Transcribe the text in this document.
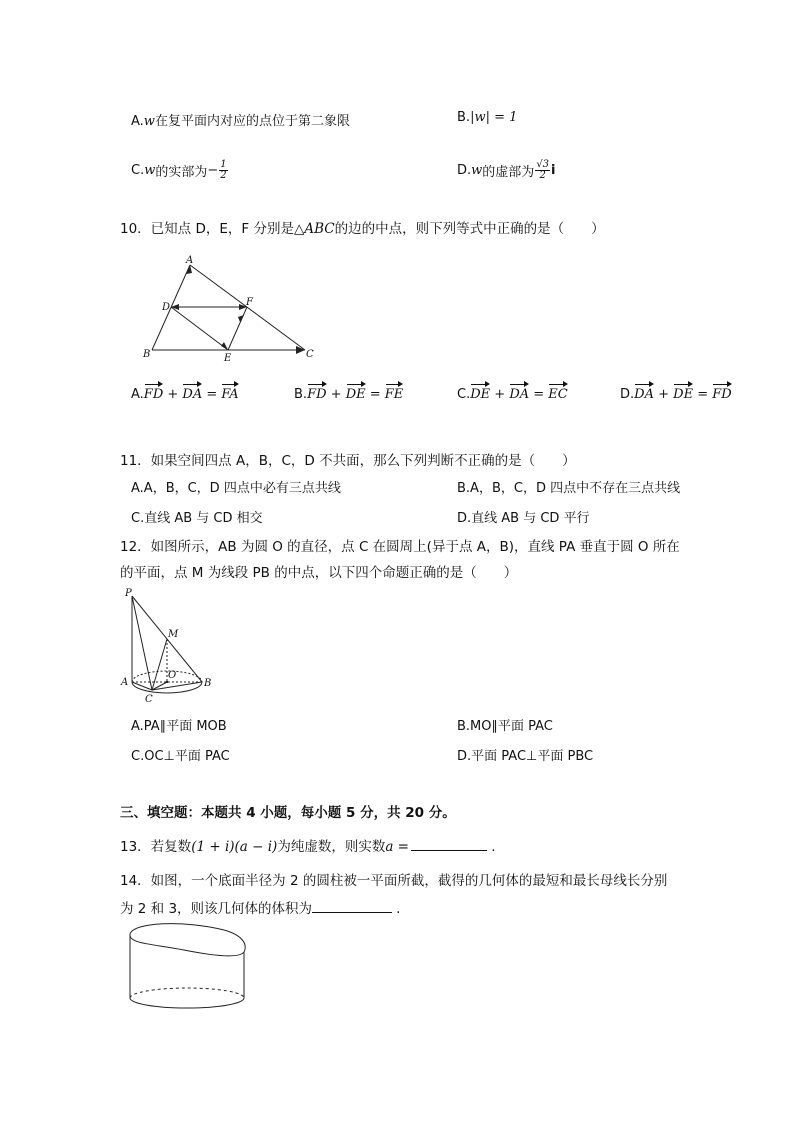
A.w在复平面内对应的点位于第二象限	B.|w| = 1
C. w 的实部为 − $\frac{1}{2}$	D. w 的虚部为 $\frac{√3}{2}$ i
10．已知点 D，E，F 分别是△ABC的边的中点，则下列等式中正确的是（　　）
A
B	C
D
E
F
A.FD + DA = FA	B.FD + DE = FE	C.DE + DA = EC	D.DA + DE = FD
11．如果空间四点 A，B，C，D 不共面，那么下列判断不正确的是（　　）
A.A，B，C，D 四点中必有三点共线	B.A，B，C，D 四点中不存在三点共线
C.直线 AB 与 CD 相交	D.直线 AB 与 CD 平行
12．如图所示，AB 为圆 O 的直径，点 C 在圆周上(异于点 A，B)，直线 PA 垂直于圆 O 所在
的平面，点 M 为线段 PB 的中点，以下四个命题正确的是（　　）
P
M
O
A	B
C
A.PA∥平面 MOB	B.MO∥平面 PAC
C.OC⊥平面 PAC	D.平面 PAC⊥平面 PBC
三、填空题：本题共 4 小题，每小题 5 分，共 20 分。
13．若复数(1 + i)(a − i)为纯虚数，则实数a =	.
14．如图，一个底面半径为 2 的圆柱被一平面所截，截得的几何体的最短和最长母线长分别
为 2 和 3，则该几何体的体积为	.
